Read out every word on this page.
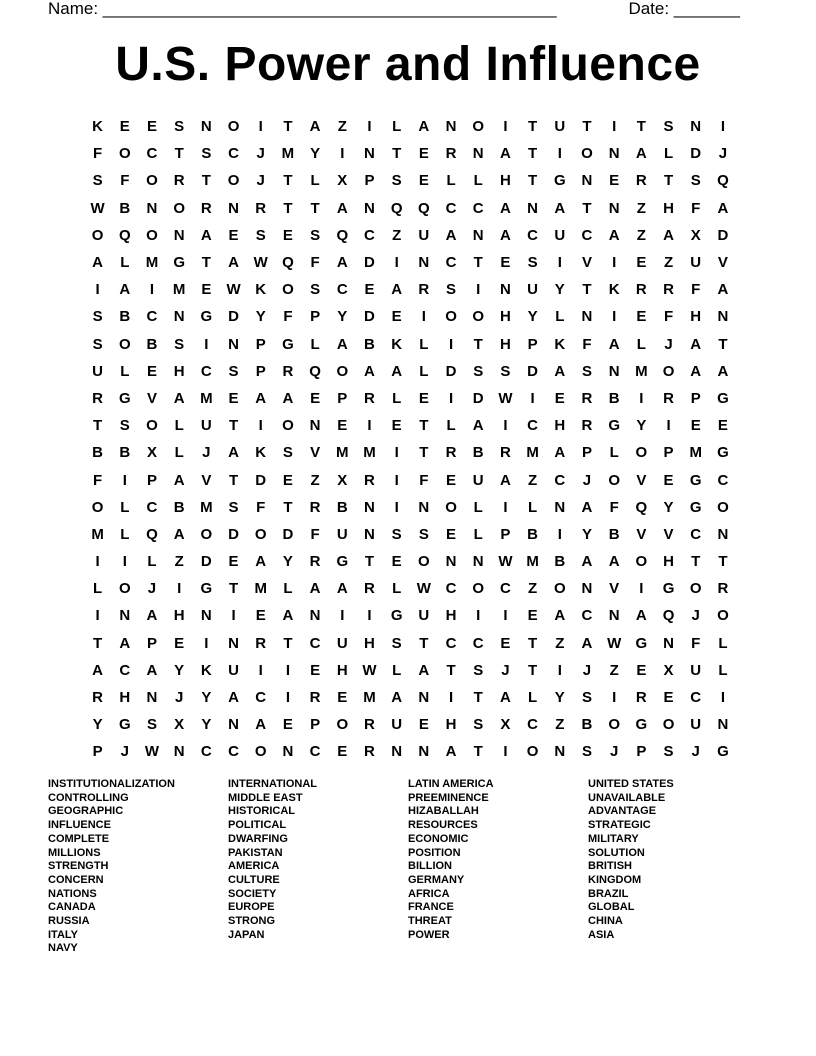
Name: ________________________________________________	Date: _______
U.S. Power and Influence
K	E	E	S	N	O	I	T	A	Z	I	L	A	N	O	I	T	U	T	I	T	S	N	I
F	O	C	T	S	C	J	M	Y	I	N	T	E	R	N	A	T	I	O	N	A	L	D	J
S	F	O	R	T	O	J	T	L	X	P	S	E	L	L	H	T	G	N	E	R	T	S	Q
W B	N	O	R	N	R	T	T	A	N	Q	Q	C	C	A	N	A	T	N	Z	H	F	A
O	Q	O	N	A	E	S	E	S	Q	C	Z	U	A	N	A	C	U	C	A	Z	A	X	D
A	L	M	G	T	A W Q	F	A	D	I	N	C	T	E	S	I	V	I	E	Z	U	V
I	A	I	M	E	W K	O	S	C	E	A	R	S	I	N	U	Y	T	K	R	R	F	A
S	B	C	N	G	D	Y	F	P	Y	D	E	I	O	O	H	Y	L	N	I	E	F	H	N
S	O	B	S	I	N	P	G	L	A	B	K	L	I	T	H	P	K	F	A	L	J	A	T
U	L	E	H	C	S	P	R	Q	O	A	A	L	D	S	S	D	A	S	N	M	O	A	A
R	G	V	A	M	E	A	A	E	P	R	L	E	I	D W	I	E	R	B	I	R	P	G
T	S	O	L	U	T	I	O	N	E	I	E	T	L	A	I	C	H	R	G	Y	I	E	E
B	B	X	L	J	A	K	S	V	M M	I	T	R	B	R	M	A	P	L	O	P	M	G
F	I	P	A	V	T	D	E	Z	X	R	I	F	E	U	A	Z	C	J	O	V	E	G	C
O	L	C	B	M	S	F	T	R	B	N	I	N	O	L	I	L	N	A	F	Q	Y	G	O
M	L	Q	A	O	D	O	D	F	U	N	S	S	E	L	P	B	I	Y	B	V	V	C	N
I	I	L	Z	D	E	A	Y	R	G	T	E	O	N	N W M	B	A	A	O	H	T	T
L	O	J	I	G	T	M	L	A	A	R	L	W C	O	C	Z	O	N	V	I	G	O	R
I	N	A	H	N	I	E	A	N	I	I	G	U	H	I	I	E	A	C	N	A	Q	J	O
T	A	P	E	I	N	R	T	C	U	H	S	T	C	C	E	T	Z	A W G	N	F	L
A	C	A	Y	K	U	I	I	E	H W	L	A	T	S	J	T	I	J	Z	E	X	U	L
R	H	N	J	Y	A	C	I	R	E	M	A	N	I	T	A	L	Y	S	I	R	E	C	I
Y	G	S	X	Y	N	A	E	P	O	R	U	E	H	S	X	C	Z	B	O	G	O	U	N
P	J	W N	C	C	O	N	C	E	R	N	N	A	T	I	O	N	S	J	P	S	J	G
INSTITUTIONALIZATION
CONTROLLING
GEOGRAPHIC
INFLUENCE
COMPLETE
MILLIONS
STRENGTH
CONCERN
NATIONS
CANADA
RUSSIA
ITALY
NAVY
INTERNATIONAL
MIDDLE EAST
HISTORICAL
POLITICAL
DWARFING
PAKISTAN
AMERICA
CULTURE
SOCIETY
EUROPE
STRONG
JAPAN
LATIN AMERICA
PREEMINENCE
HIZABALLAH
RESOURCES
ECONOMIC
POSITION
BILLION
GERMANY
AFRICA
FRANCE
THREAT
POWER
UNITED STATES
UNAVAILABLE
ADVANTAGE
STRATEGIC
MILITARY
SOLUTION
BRITISH
KINGDOM
BRAZIL
GLOBAL
CHINA
ASIA
